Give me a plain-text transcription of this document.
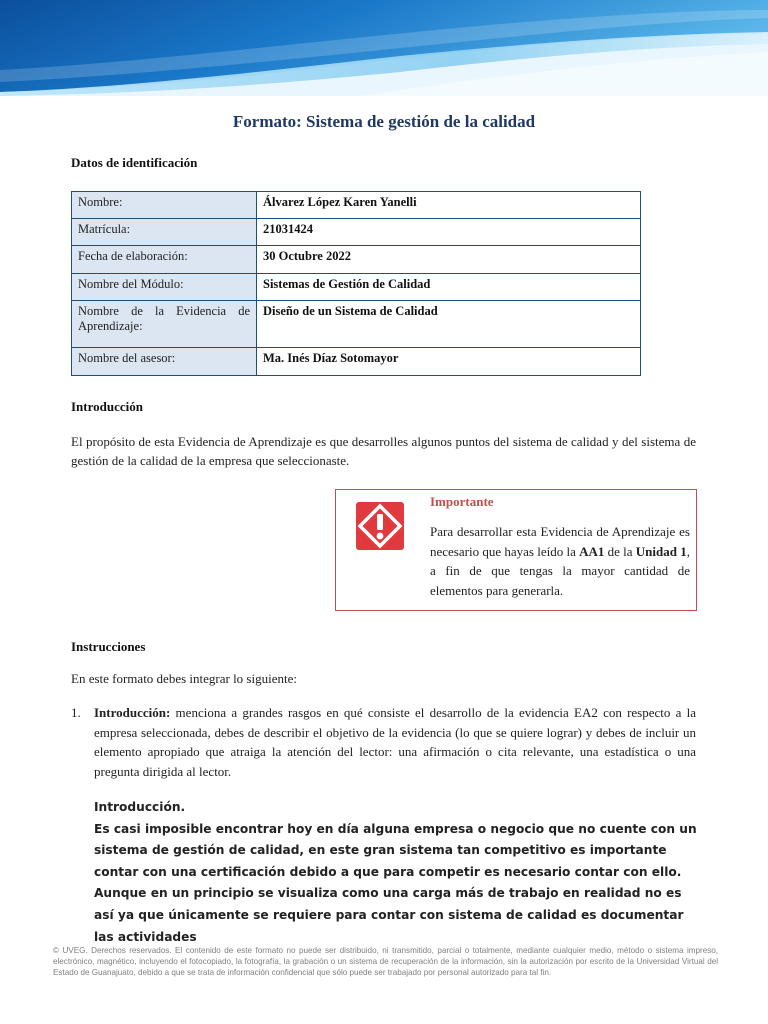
Formato: Sistema de gestión de la calidad
Datos de identificación
Nombre:	Álvarez López Karen Yanelli
Matrícula:	21031424
Fecha de elaboración:	30 Octubre 2022
Nombre del Módulo:	Sistemas de Gestión de Calidad
Nombre de la Evidencia de Aprendizaje:	Diseño de un Sistema de Calidad
Nombre del asesor:	Ma. Inés Díaz Sotomayor
Introducción
El propósito de esta Evidencia de Aprendizaje es que desarrolles algunos puntos del sistema de calidad y del sistema de gestión de la calidad de la empresa que seleccionaste.
Importante
Para desarrollar esta Evidencia de Aprendizaje es necesario que hayas leído la AA1 de la Unidad 1, a fin de que tengas la mayor cantidad de elementos para generarla.
Instrucciones
En este formato debes integrar lo siguiente:
1. Introducción: menciona a grandes rasgos en qué consiste el desarrollo de la evidencia EA2 con respecto a la empresa seleccionada, debes de describir el objetivo de la evidencia (lo que se quiere lograr) y debes de incluir un elemento apropiado que atraiga la atención del lector: una afirmación o cita relevante, una estadística o una pregunta dirigida al lector.
Introducción.
Es casi imposible encontrar hoy en día alguna empresa o negocio que no cuente con un sistema de gestión de calidad, en este gran sistema tan competitivo es importante contar con una certificación debido a que para competir es necesario contar con ello.
Aunque en un principio se visualiza como una carga más de trabajo en realidad no es así ya que únicamente se requiere para contar con sistema de calidad es documentar las actividades
© UVEG. Derechos reservados. El contenido de este formato no puede ser distribuido, ni transmitido, parcial o totalmente, mediante cualquier medio, método o sistema impreso, electrónico, magnético, incluyendo el fotocopiado, la fotografía, la grabación o un sistema de recuperación de la información, sin la autorización por escrito de la Universidad Virtual del Estado de Guanajuato, debido a que se trata de información confidencial que sólo puede ser trabajado por personal autorizado para tal fin.
